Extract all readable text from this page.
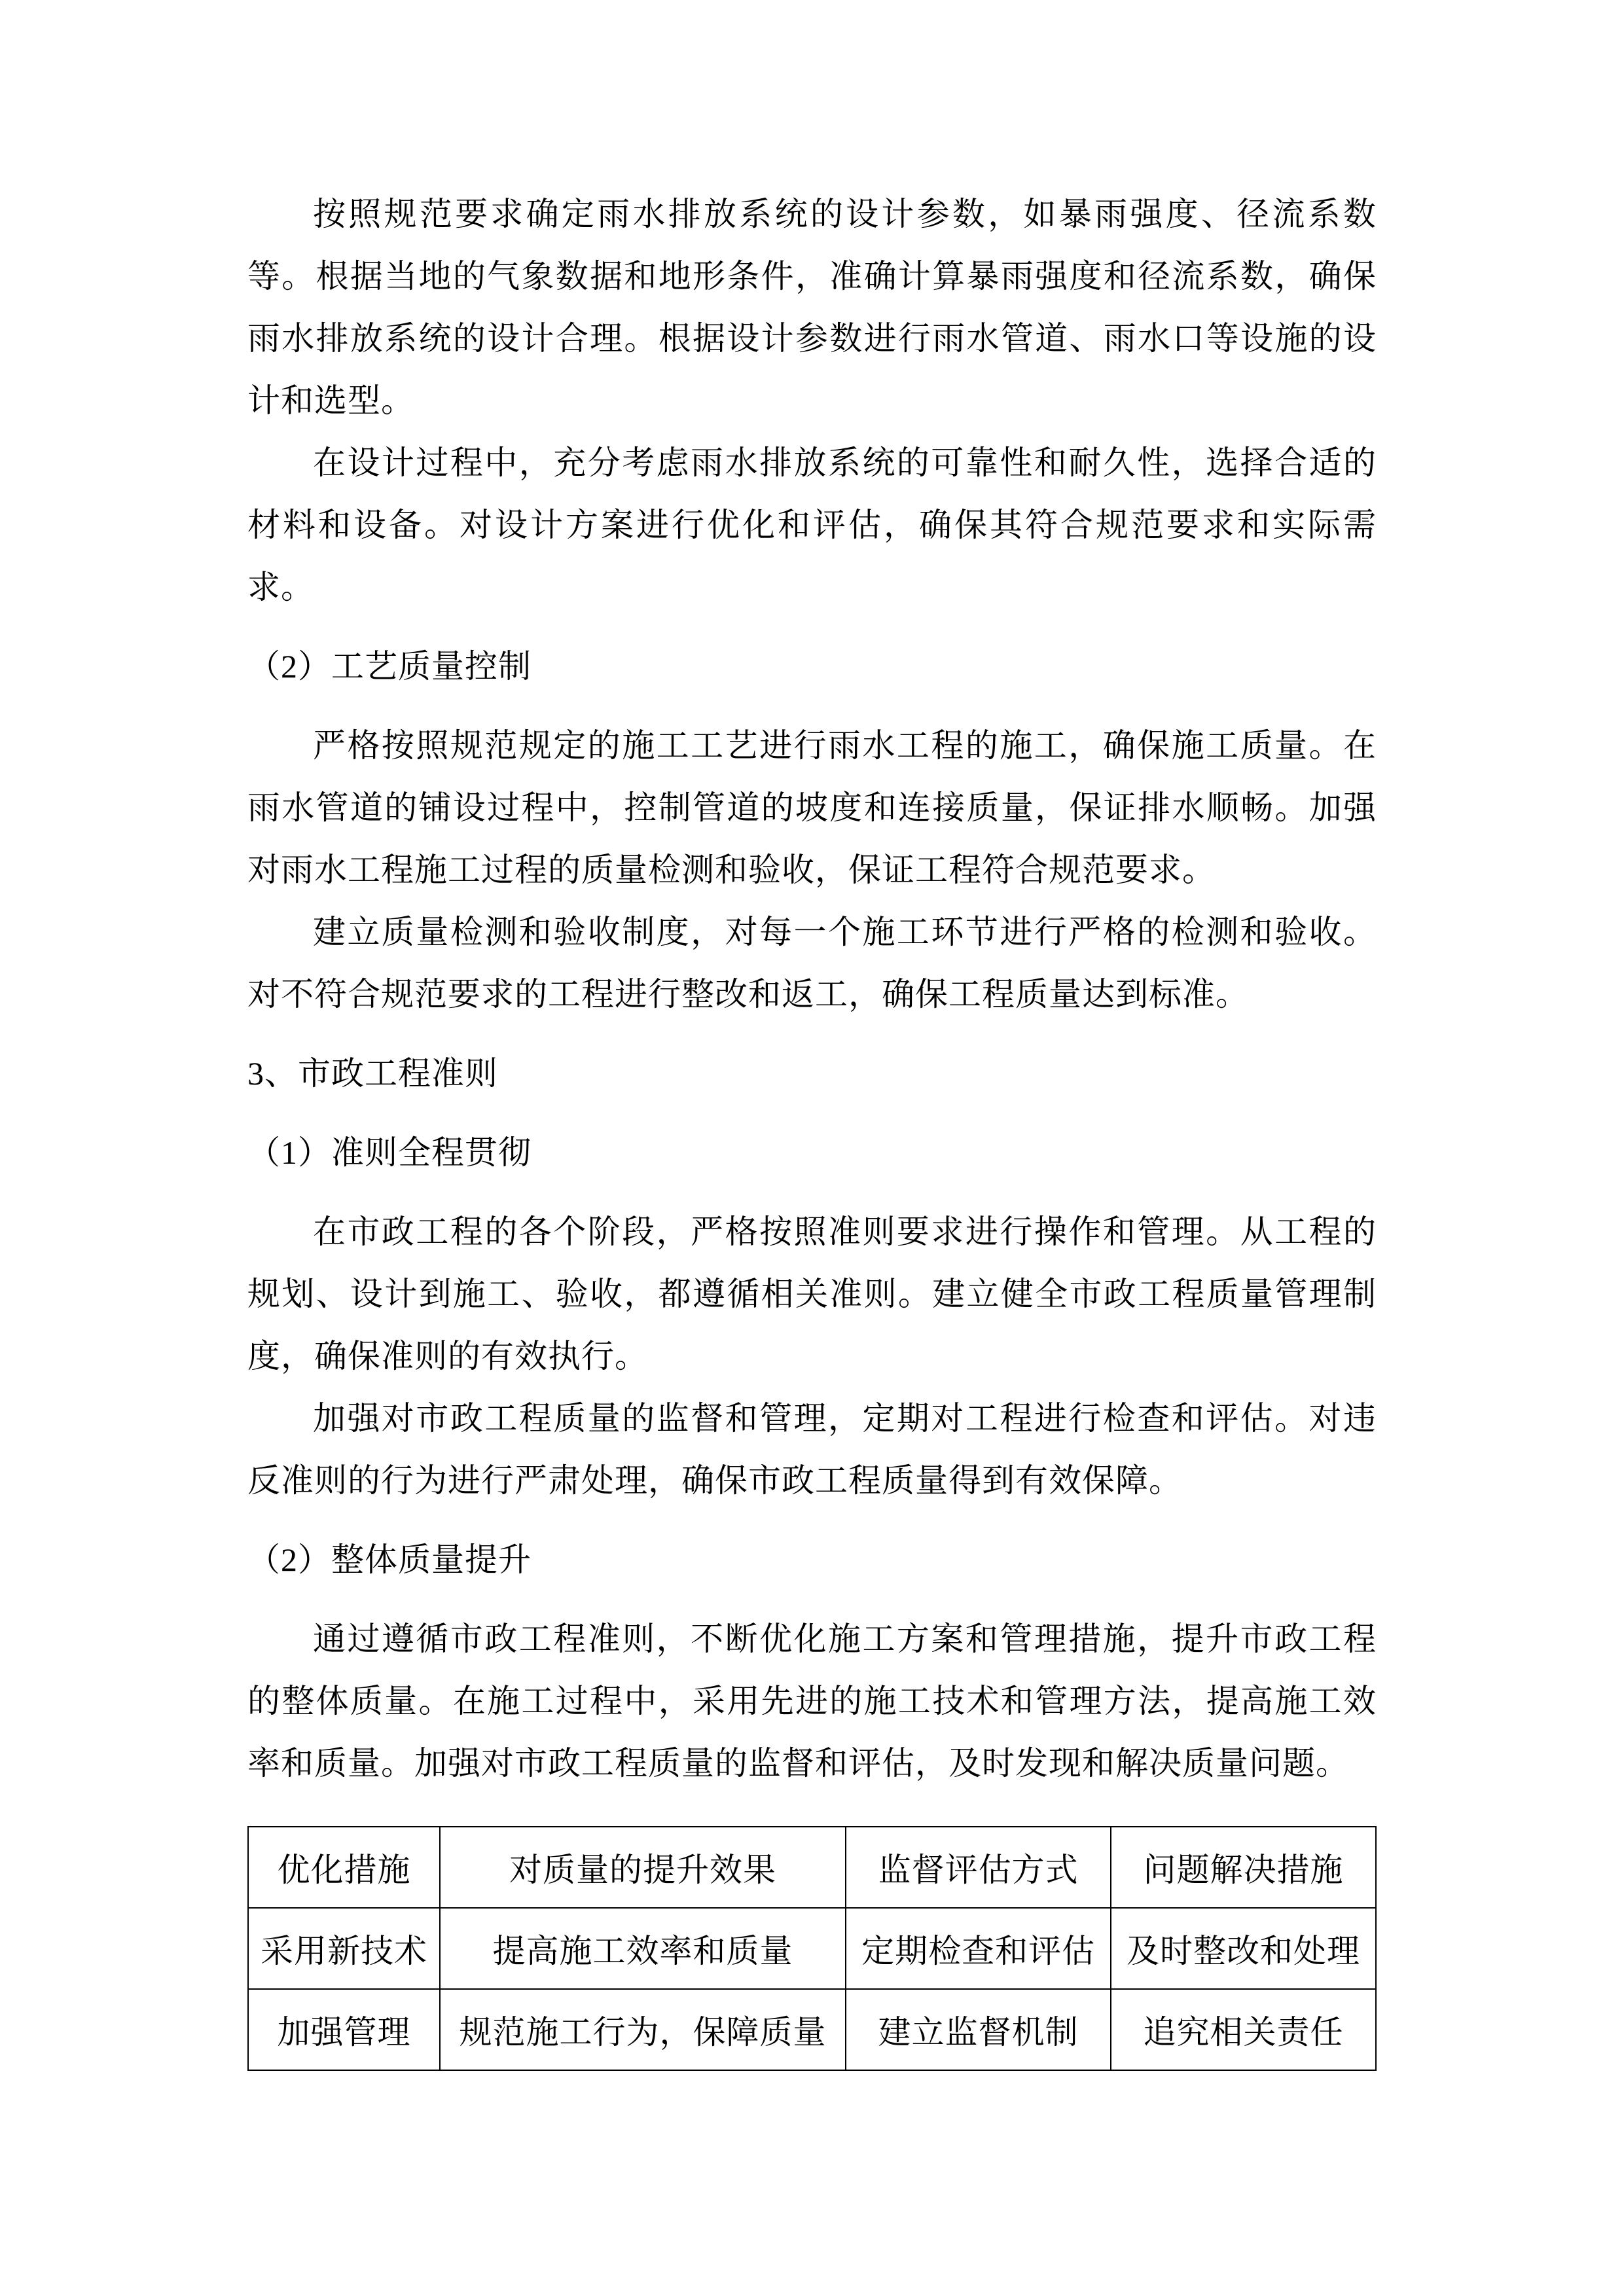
按照规范要求确定雨水排放系统的设计参数，如暴雨强度、径流系数等。根据当地的气象数据和地形条件，准确计算暴雨强度和径流系数，确保雨水排放系统的设计合理。根据设计参数进行雨水管道、雨水口等设施的设计和选型。

在设计过程中，充分考虑雨水排放系统的可靠性和耐久性，选择合适的材料和设备。对设计方案进行优化和评估，确保其符合规范要求和实际需求。

（2）工艺质量控制

严格按照规范规定的施工工艺进行雨水工程的施工，确保施工质量。在雨水管道的铺设过程中，控制管道的坡度和连接质量，保证排水顺畅。加强对雨水工程施工过程的质量检测和验收，保证工程符合规范要求。

建立质量检测和验收制度，对每一个施工环节进行严格的检测和验收。对不符合规范要求的工程进行整改和返工，确保工程质量达到标准。

3、市政工程准则
（1）准则全程贯彻

在市政工程的各个阶段，严格按照准则要求进行操作和管理。从工程的规划、设计到施工、验收，都遵循相关准则。建立健全市政工程质量管理制度，确保准则的有效执行。

加强对市政工程质量的监督和管理，定期对工程进行检查和评估。对违反准则的行为进行严肃处理，确保市政工程质量得到有效保障。

（2）整体质量提升

通过遵循市政工程准则，不断优化施工方案和管理措施，提升市政工程的整体质量。在施工过程中，采用先进的施工技术和管理方法，提高施工效率和质量。加强对市政工程质量的监督和评估，及时发现和解决质量问题。

优化措施	对质量的提升效果	监督评估方式	问题解决措施
采用新技术	提高施工效率和质量	定期检查和评估	及时整改和处理
加强管理	规范施工行为，保障质量	建立监督机制	追究相关责任
